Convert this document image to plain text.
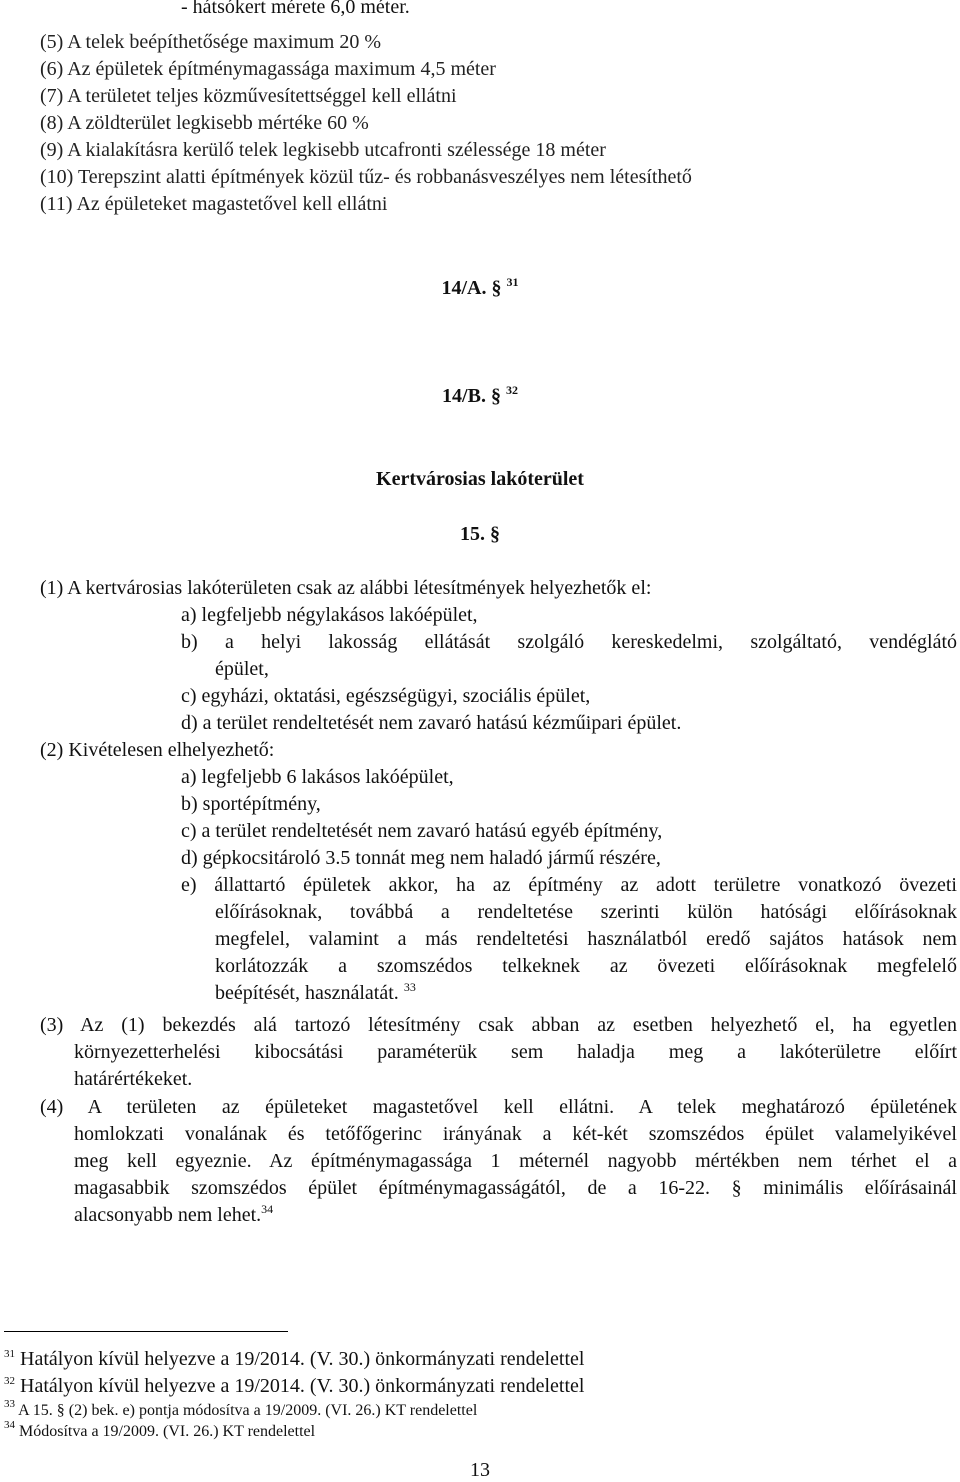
- hátsókert mérete 6,0 méter.
(5) A telek beépíthetősége maximum 20 %
(6) Az épületek építménymagassága maximum 4,5 méter
(7) A területet teljes közművesítettséggel kell ellátni
(8) A zöldterület legkisebb mértéke 60 %
(9) A kialakításra kerülő telek legkisebb utcafronti szélessége 18 méter
(10) Terepszint alatti építmények közül tűz- és robbanásveszélyes nem létesíthető
(11) Az épületeket magastetővel kell ellátni
14/A. § $^{31}$
14/B. § $^{32}$
Kertvárosias lakóterület
15. §
(1) A kertvárosias lakóterületen csak az alábbi létesítmények helyezhetők el:
a) legfeljebb négylakásos lakóépület,
b) a helyi lakosság ellátását szolgáló kereskedelmi, szolgáltató, vendéglátó
épület,
c) egyházi, oktatási, egészségügyi, szociális épület,
d) a terület rendeltetését nem zavaró hatású kézműipari épület.
(2) Kivételesen elhelyezhető:
a) legfeljebb 6 lakásos lakóépület,
b) sportépítmény,
c) a terület rendeltetését nem zavaró hatású egyéb építmény,
d) gépkocsitároló 3.5 tonnát meg nem haladó jármű részére,
e) állattartó épületek akkor, ha az építmény az adott területre vonatkozó övezeti
előírásoknak, továbbá a rendeltetése szerinti külön hatósági előírásoknak
megfelel, valamint a más rendeltetési használatból eredő sajátos hatások nem
korlátozzák a szomszédos telkeknek az övezeti előírásoknak megfelelő
beépítését, használatát. $^{33}$
(3) Az (1) bekezdés alá tartozó létesítmény csak abban az esetben helyezhető el, ha egyetlen
környezetterhelési kibocsátási paraméterük sem haladja meg a lakóterületre előírt
határértékeket.
(4) A területen az épületeket magastetővel kell ellátni. A telek meghatározó épületének
homlokzati vonalának és tetőfőgerinc irányának a két-két szomszédos épület valamelyikével
meg kell egyeznie. Az építménymagassága 1 méternél nagyobb mértékben nem térhet el a
magasabbik szomszédos épület építménymagasságától, de a 16-22. § minimális előírásainál
alacsonyabb nem lehet.$^{34}$
$^{31}$ Hatályon kívül helyezve a 19/2014. (V. 30.) önkormányzati rendelettel
$^{32}$ Hatályon kívül helyezve a 19/2014. (V. 30.) önkormányzati rendelettel
$^{33}$ A 15. § (2) bek. e) pontja módosítva a 19/2009. (VI. 26.) KT rendelettel
$^{34}$ Módosítva a 19/2009. (VI. 26.) KT rendelettel
13
